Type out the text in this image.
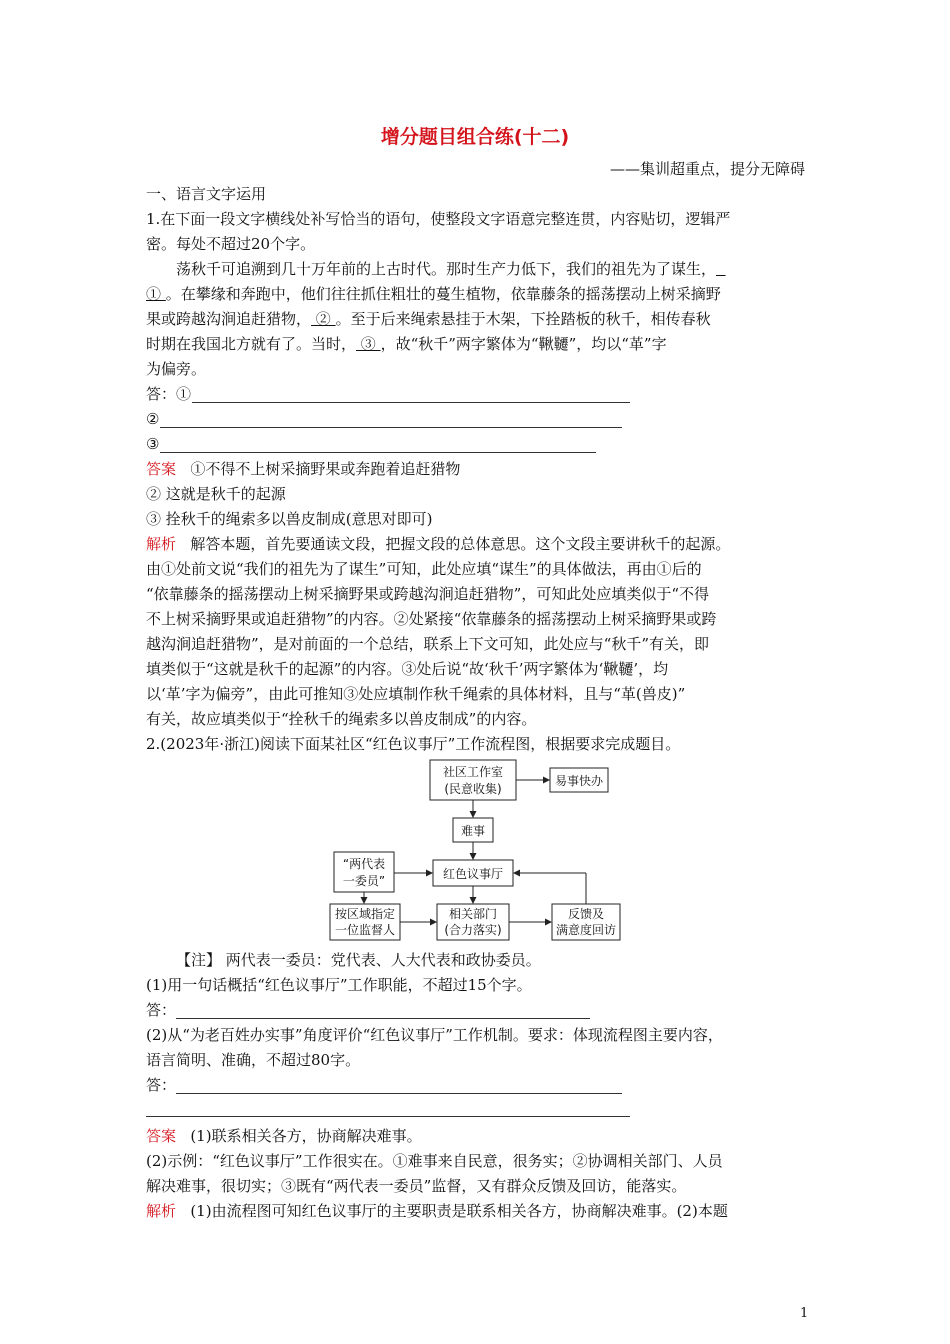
增分题目组合练(十二)
——集训超重点，提分无障碍
一、语言文字运用
1.在下面一段文字横线处补写恰当的语句，使整段文字语意完整连贯，内容贴切，逻辑严
密。每处不超过20个字。
荡秋千可追溯到几十万年前的上古时代。那时生产力低下，我们的祖先为了谋生，
① 。在攀缘和奔跑中，他们往往抓住粗壮的蔓生植物，依靠藤条的摇荡摆动上树采摘野
果或跨越沟涧追赶猎物， ② 。至于后来绳索悬挂于木架，下拴踏板的秋千，相传春秋
时期在我国北方就有了。当时， ③ ，故“秋千”两字繁体为“鞦韆”，均以“革”字
为偏旁。
答：①
②
③
答案 ①不得不上树采摘野果或奔跑着追赶猎物
② 这就是秋千的起源
③ 拴秋千的绳索多以兽皮制成(意思对即可)
解析 解答本题，首先要通读文段，把握文段的总体意思。这个文段主要讲秋千的起源。
由①处前文说“我们的祖先为了谋生”可知，此处应填“谋生”的具体做法，再由①后的
“依靠藤条的摇荡摆动上树采摘野果或跨越沟涧追赶猎物”，可知此处应填类似于“不得
不上树采摘野果或追赶猎物”的内容。②处紧接“依靠藤条的摇荡摆动上树采摘野果或跨
越沟涧追赶猎物”，是对前面的一个总结，联系上下文可知，此处应与“秋千”有关，即
填类似于“这就是秋千的起源”的内容。③处后说“故‘秋千’两字繁体为‘鞦韆’，均
以‘革’字为偏旁”，由此可推知③处应填制作秋千绳索的具体材料，且与“革(兽皮)”
有关，故应填类似于“拴秋千的绳索多以兽皮制成”的内容。
2.(2023年·浙江)阅读下面某社区“红色议事厅”工作流程图，根据要求完成题目。
社区工作室
(民意收集)
易事快办
难事
红色议事厅
“两代表
一委员”
按区域指定
一位监督人
相关部门
(合力落实)
反馈及
满意度回访
【注】 两代表一委员：党代表、人大代表和政协委员。
(1)用一句话概括“红色议事厅”工作职能，不超过15个字。
答：
(2)从“为老百姓办实事”角度评价“红色议事厅”工作机制。要求：体现流程图主要内容，
语言简明、准确，不超过80字。
答：
答案 (1)联系相关各方，协商解决难事。
(2)示例：“红色议事厅”工作很实在。①难事来自民意，很务实；②协调相关部门、人员
解决难事，很切实；③既有“两代表一委员”监督，又有群众反馈及回访，能落实。
解析 (1)由流程图可知红色议事厅的主要职责是联系相关各方，协商解决难事。(2)本题
1
